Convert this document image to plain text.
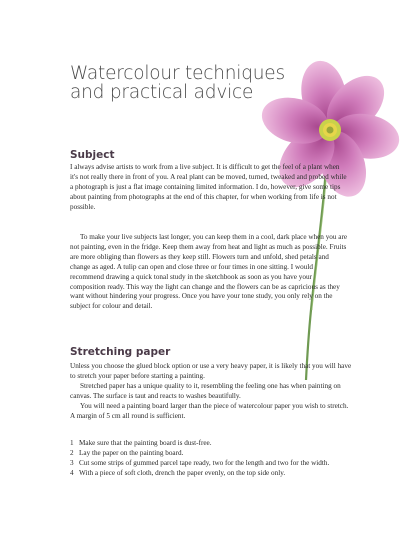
Watercolour techniques
and practical advice
Subject

I always advise artists to work from a live subject. It is difficult to get the feel of a plant when it's not really there in front of you. A real plant can be moved, turned, tweaked and probed while a photograph is just a flat image containing limited information. I do, however, give some tips about painting from photographs at the end of this chapter, for when working from life is not possible.

To make your live subjects last longer, you can keep them in a cool, dark place when you are not painting, even in the fridge. Keep them away from heat and light as much as possible. Fruits are more obliging than flowers as they keep still. Flowers turn and unfold, shed petals and change as aged. A tulip can open and close three or four times in one sitting. I would recommend drawing a quick tonal study in the sketchbook as soon as you have your composition ready. This way the light can change and the flowers can be as capricious as they want without hindering your progress. Once you have your tone study, you only rely on the subject for colour and detail.

Stretching paper

Unless you choose the glued block option or use a very heavy paper, it is likely that you will have to stretch your paper before starting a painting.

Stretched paper has a unique quality to it, resembling the feeling one has when painting on canvas. The surface is taut and reacts to washes beautifully.

You will need a painting board larger than the piece of watercolour paper you wish to stretch. A margin of 5 cm all round is sufficient.

1 Make sure that the painting board is dust-free.
2 Lay the paper on the painting board.
3 Cut some strips of gummed parcel tape ready, two for the length and two for the width.
4 With a piece of soft cloth, drench the paper evenly, on the top side only.
